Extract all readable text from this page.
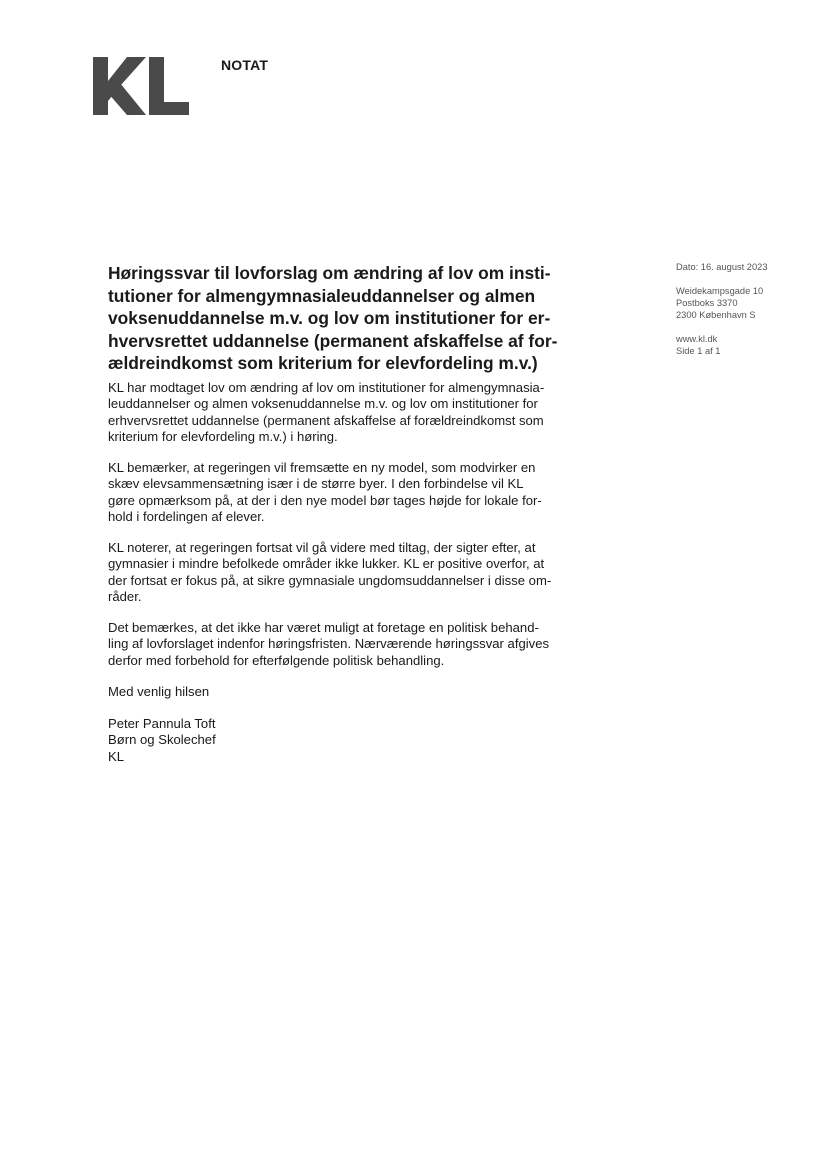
NOTAT
Dato: 16. august 2023
Weidekampsgade 10
Postboks 3370
2300 København S
www.kl.dk
Side 1 af 1
Høringssvar til lovforslag om ændring af lov om insti-
tutioner for almengymnasialeuddannelser og almen
voksenuddannelse m.v. og lov om institutioner for er-
hvervsrettet uddannelse (permanent afskaffelse af for-
ældreindkomst som kriterium for elevfordeling m.v.)
KL har modtaget lov om ændring af lov om institutioner for almengymnasia-
leuddannelser og almen voksenuddannelse m.v. og lov om institutioner for
erhvervsrettet uddannelse (permanent afskaffelse af forældreindkomst som
kriterium for elevfordeling m.v.) i høring.
KL bemærker, at regeringen vil fremsætte en ny model, som modvirker en
skæv elevsammensætning især i de større byer. I den forbindelse vil KL
gøre opmærksom på, at der i den nye model bør tages højde for lokale for-
hold i fordelingen af elever.
KL noterer, at regeringen fortsat vil gå videre med tiltag, der sigter efter, at
gymnasier i mindre befolkede områder ikke lukker. KL er positive overfor, at
der fortsat er fokus på, at sikre gymnasiale ungdomsuddannelser i disse om-
råder.
Det bemærkes, at det ikke har været muligt at foretage en politisk behand-
ling af lovforslaget indenfor høringsfristen. Nærværende høringssvar afgives
derfor med forbehold for efterfølgende politisk behandling.
Med venlig hilsen
Peter Pannula Toft
Børn og Skolechef
KL
